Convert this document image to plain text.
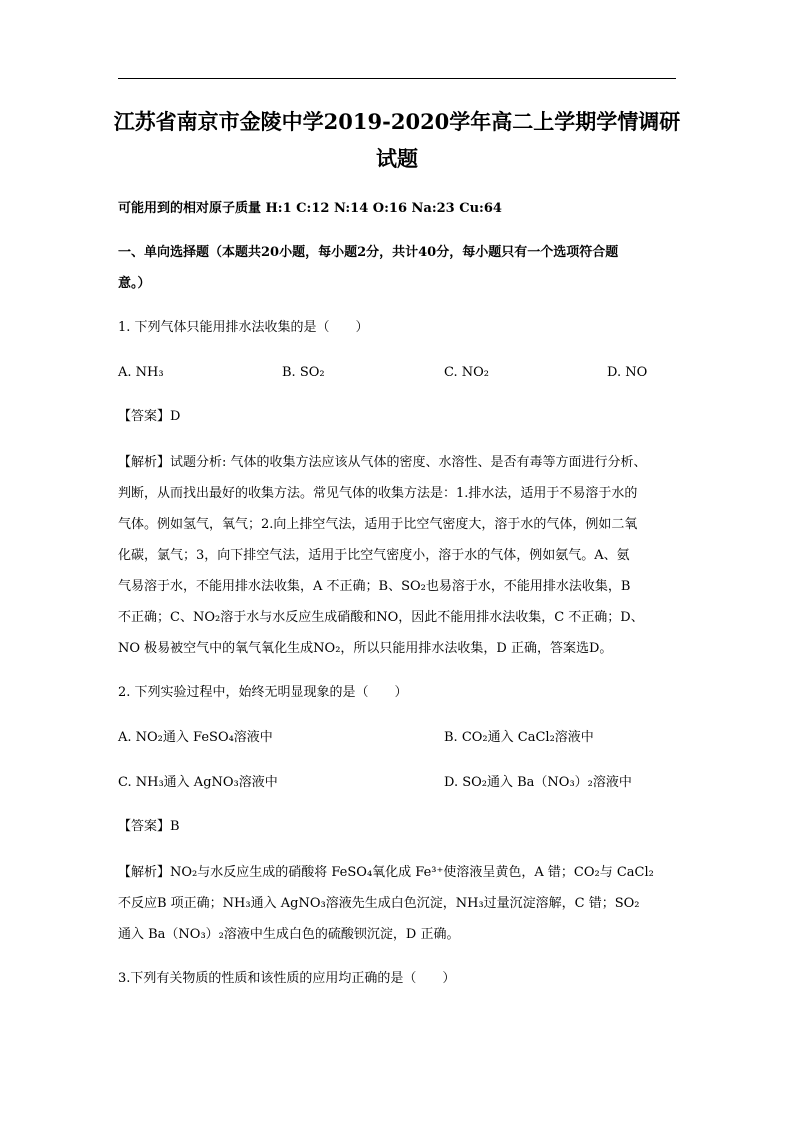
江苏省南京市金陵中学2019-2020学年高二上学期学情调研
试题
可能用到的相对原子质量 H:1 C:12 N:14 O:16 Na:23 Cu:64
一、单向选择题（本题共20小题，每小题2分，共计40分，每小题只有一个选项符合题
意。）
1. 下列气体只能用排水法收集的是（　　）
A. NH₃	B. SO₂	C. NO₂	D. NO
【答案】D
【解析】试题分析: 气体的收集方法应该从气体的密度、水溶性、是否有毒等方面进行分析、
判断，从而找出最好的收集方法。常见气体的收集方法是：1.排水法，适用于不易溶于水的
气体。例如氢气，氧气；2.向上排空气法，适用于比空气密度大，溶于水的气体，例如二氧
化碳，氯气；3，向下排空气法，适用于比空气密度小，溶于水的气体，例如氨气。A、氨
气易溶于水，不能用排水法收集，A 不正确；B、SO₂也易溶于水，不能用排水法收集，B
不正确；C、NO₂溶于水与水反应生成硝酸和NO，因此不能用排水法收集，C 不正确；D、
NO 极易被空气中的氧气氧化生成NO₂，所以只能用排水法收集，D 正确，答案选D。
2. 下列实验过程中，始终无明显现象的是（　　）
A. NO₂通入 FeSO₄溶液中	B. CO₂通入 CaCl₂溶液中
C. NH₃通入 AgNO₃溶液中	D. SO₂通入 Ba（NO₃）₂溶液中
【答案】B
【解析】NO₂与水反应生成的硝酸将 FeSO₄氧化成 Fe³⁺使溶液呈黄色，A 错；CO₂与 CaCl₂
不反应B 项正确；NH₃通入 AgNO₃溶液先生成白色沉淀，NH₃过量沉淀溶解，C 错；SO₂
通入 Ba（NO₃）₂溶液中生成白色的硫酸钡沉淀，D 正确。
3.下列有关物质的性质和该性质的应用均正确的是（　　）
